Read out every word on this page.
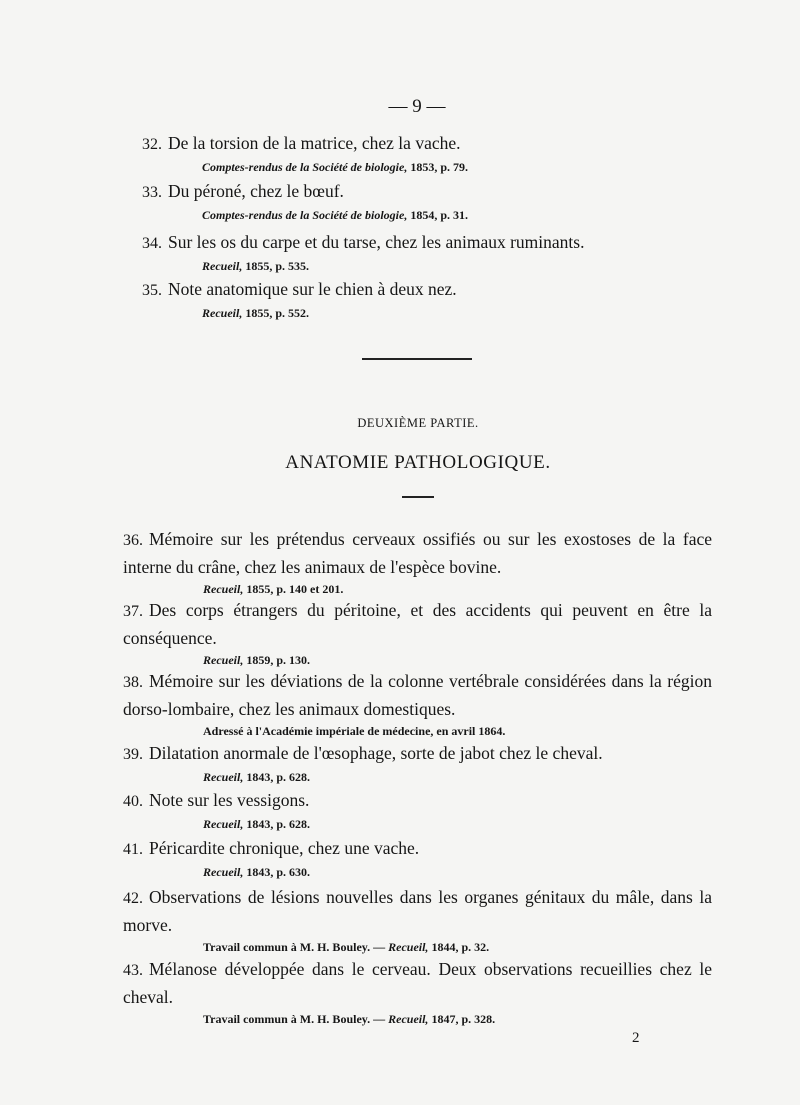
— 9 —
32. De la torsion de la matrice, chez la vache.
Comptes-rendus de la Société de biologie, 1853, p. 79.
33. Du péroné, chez le bœuf.
Comptes-rendus de la Société de biologie, 1854, p. 31.
34. Sur les os du carpe et du tarse, chez les animaux ruminants.
Recueil, 1855, p. 535.
35. Note anatomique sur le chien à deux nez.
Recueil, 1855, p. 552.
DEUXIÈME PARTIE.
ANATOMIE PATHOLOGIQUE.
36. Mémoire sur les prétendus cerveaux ossifiés ou sur les exostoses de la face interne du crâne, chez les animaux de l'espèce bovine.
Recueil, 1855, p. 140 et 201.
37. Des corps étrangers du péritoine, et des accidents qui peuvent en être la conséquence.
Recueil, 1859, p. 130.
38. Mémoire sur les déviations de la colonne vertébrale considérées dans la région dorso-lombaire, chez les animaux domestiques.
Adressé à l'Académie impériale de médecine, en avril 1864.
39. Dilatation anormale de l'œsophage, sorte de jabot chez le cheval.
Recueil, 1843, p. 628.
40. Note sur les vessigons.
Recueil, 1843, p. 628.
41. Péricardite chronique, chez une vache.
Recueil, 1843, p. 630.
42. Observations de lésions nouvelles dans les organes génitaux du mâle, dans la morve.
Travail commun à M. H. Bouley. — Recueil, 1844, p. 32.
43. Mélanose développée dans le cerveau. Deux observations recueillies chez le cheval.
Travail commun à M. H. Bouley. — Recueil, 1847, p. 328.
2
